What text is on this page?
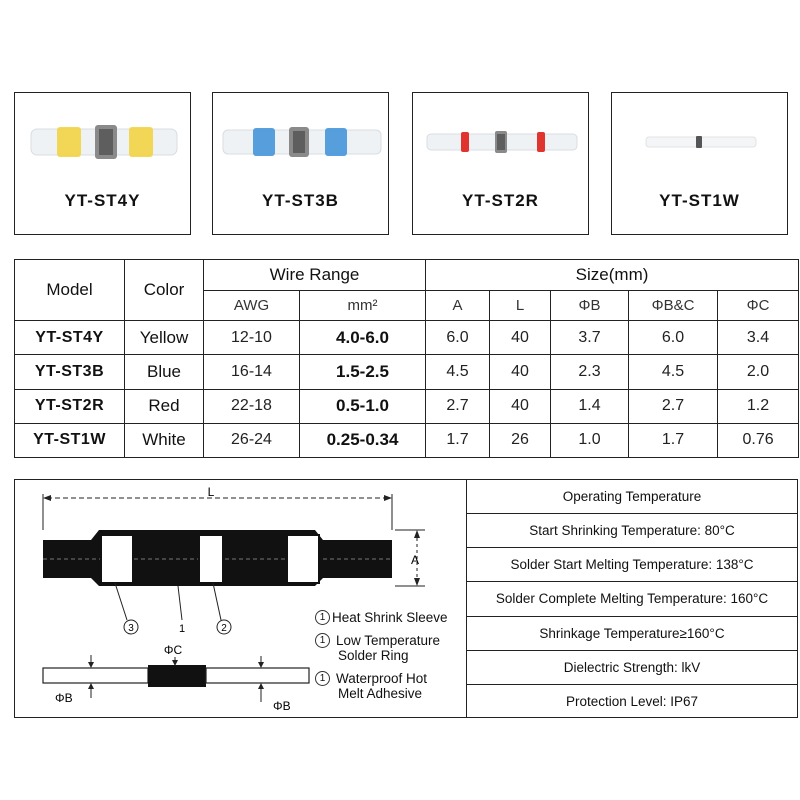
YT-ST4Y	YT-ST3B	YT-ST2R	YT-ST1W
Model	Color	Wire Range		Size(mm)				
		AWG	mm²	A	L	ΦB	ΦB&C	ΦC
YT-ST4Y	Yellow	12-10	4.0-6.0	6.0	40	3.7	6.0	3.4
YT-ST3B	Blue	16-14	1.5-2.5	4.5	40	2.3	4.5	2.0
YT-ST2R	Red	22-18	0.5-1.0	2.7	40	1.4	2.7	1.2
YT-ST1W	White	26-24	0.25-0.34	1.7	26	1.0	1.7	0.76
L
A
3	1	2
ΦC
ΦB
ΦB
1 Heat Shrink Sleeve
1 Low Temperature
Solder Ring
1 Waterproof Hot
Melt Adhesive
Operating Temperature
Start Shrinking Temperature: 80°C
Solder Start Melting Temperature: 138°C
Solder Complete Melting Temperature: 160°C
Shrinkage Temperature≥160°C
Dielectric Strength: lkV
Protection Level: IP67
